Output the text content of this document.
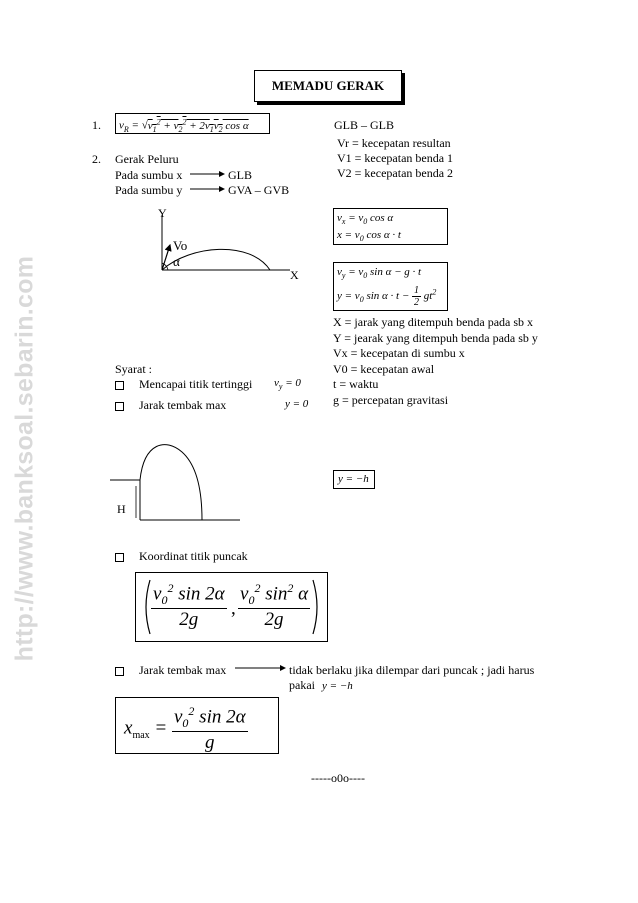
http://www.banksoal.sebarin.com
MEMADU GERAK
1. $v_R = √v_1^2 + v_2^2 + 2v_1v_2$ cos α	GLB – GLB
Vr = kecepatan resultan
V1 = kecepatan benda 1
V2 = kecepatan benda 2
2. Gerak Peluru
Pada sumbu x	GLB
Pada sumbu y	GVA – GVB
Y
X
Vo
α
$v_x = v_0$ cos α
$x = v_0$ cos α · t
$v_y = v_0$ sin α − g · t
$y = v_0$ $\sin \alpha \cdot t - \frac{1}{2} gt^2$
X = jarak yang ditempuh benda pada sb x
Y = jearak yang ditempuh benda pada sb y
Vx = kecepatan di sumbu x
V0 = kecepatan awal
t = waktu
g = percepatan gravitasi
Syarat :
Mencapai titik tertinggi $v_y = 0$
Jarak tembak max	y = 0
H
y = −h
Koordinat titik puncak
$\frac{v_0^2 \sin 2\alpha}{2g}$ , $\frac{v_0^2 \sin^2 \alpha}{2g}$
Jarak tembak max	tidak berlaku jika dilempar dari puncak ; jadi harus
pakai y = −h
$x_{max} = \frac{v_0^2 \sin 2\alpha}{g}$
-----o0o----
